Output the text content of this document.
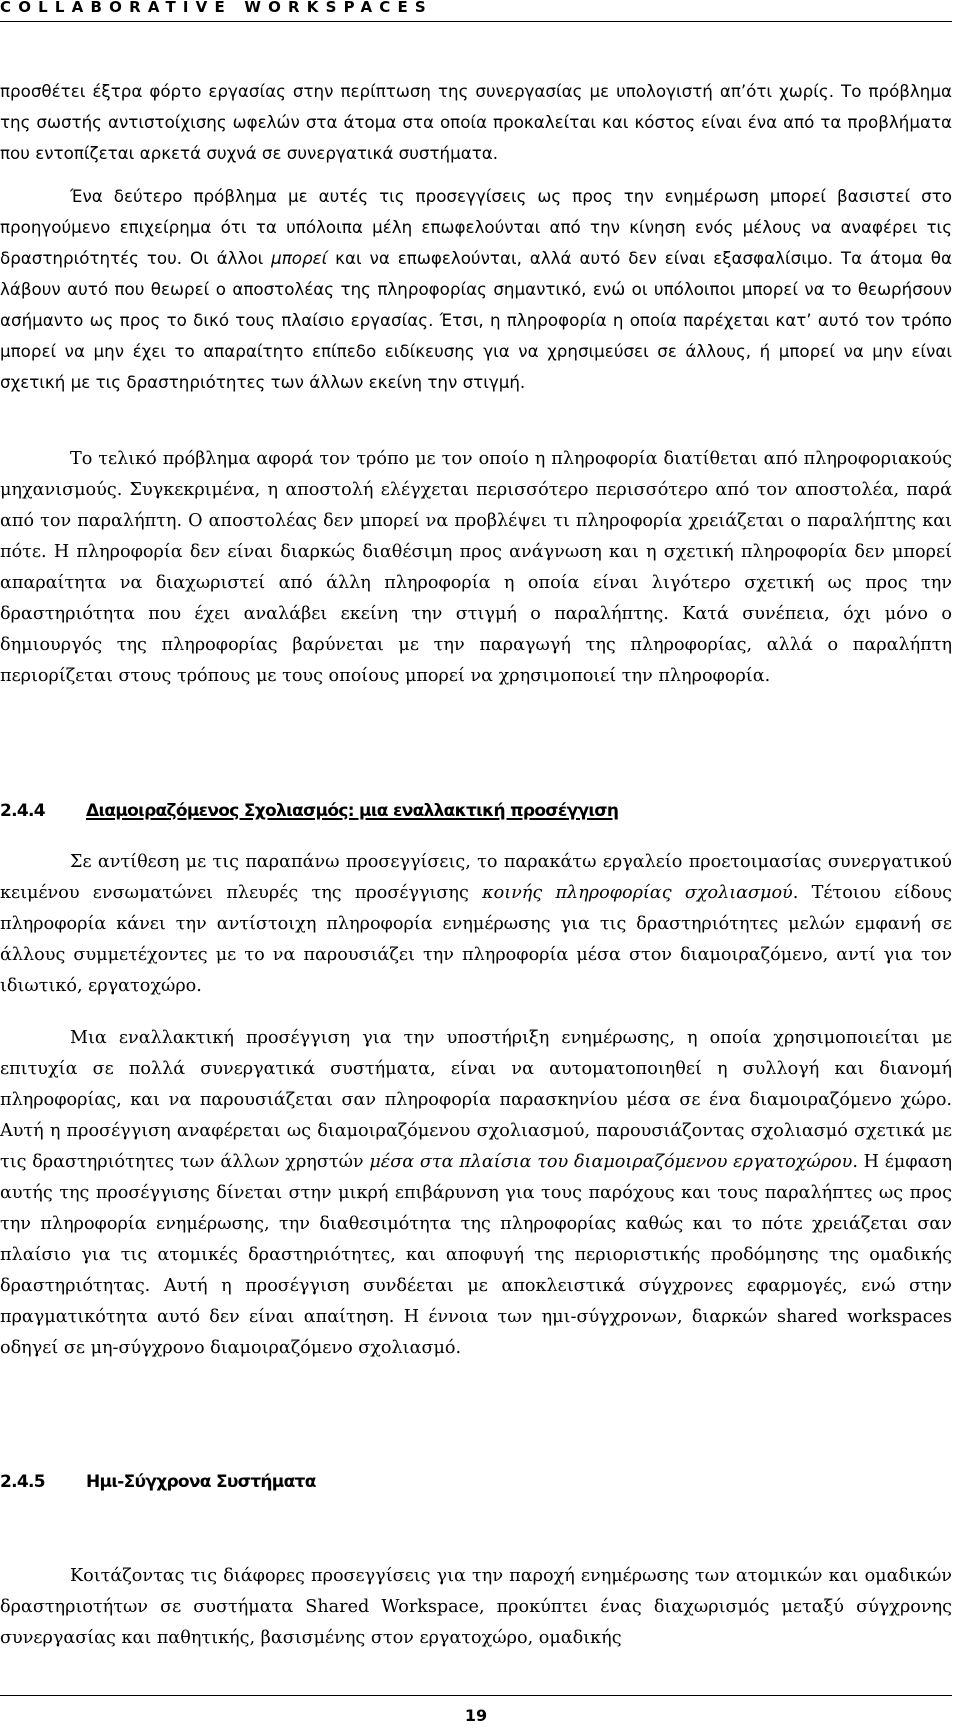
COLLABORATIVE WORKSPACES

προσθέτει έξτρα φόρτο εργασίας στην περίπτωση της συνεργασίας με υπολογιστή απ’ότι χωρίς. Το πρόβλημα της σωστής αντιστοίχισης ωφελών στα άτομα στα οποία προκαλείται και κόστος είναι ένα από τα προβλήματα που εντοπίζεται αρκετά συχνά σε συνεργατικά συστήματα.

Ένα δεύτερο πρόβλημα με αυτές τις προσεγγίσεις ως προς την ενημέρωση μπορεί βασιστεί στο προηγούμενο επιχείρημα ότι τα υπόλοιπα μέλη επωφελούνται από την κίνηση ενός μέλους να αναφέρει τις δραστηριότητές του. Οι άλλοι μπορεί και να επωφελούνται, αλλά αυτό δεν είναι εξασφαλίσιμο. Τα άτομα θα λάβουν αυτό που θεωρεί ο αποστολέας της πληροφορίας σημαντικό, ενώ οι υπόλοιποι μπορεί να το θεωρήσουν ασήμαντο ως προς το δικό τους πλαίσιο εργασίας. Έτσι, η πληροφορία η οποία παρέχεται κατ’ αυτό τον τρόπο μπορεί να μην έχει το απαραίτητο επίπεδο ειδίκευσης για να χρησιμεύσει σε άλλους, ή μπορεί να μην είναι σχετική με τις δραστηριότητες των άλλων εκείνη την στιγμή.

Το τελικό πρόβλημα αφορά τον τρόπο με τον οποίο η πληροφορία διατίθεται από πληροφοριακούς μηχανισμούς. Συγκεκριμένα, η αποστολή ελέγχεται περισσότερο περισσότερο από τον αποστολέα, παρά από τον παραλήπτη. Ο αποστολέας δεν μπορεί να προβλέψει τι πληροφορία χρειάζεται ο παραλήπτης και πότε. Η πληροφορία δεν είναι διαρκώς διαθέσιμη προς ανάγνωση και η σχετική πληροφορία δεν μπορεί απαραίτητα να διαχωριστεί από άλλη πληροφορία η οποία είναι λιγότερο σχετική ως προς την δραστηριότητα που έχει αναλάβει εκείνη την στιγμή ο παραλήπτης. Κατά συνέπεια, όχι μόνο ο δημιουργός της πληροφορίας βαρύνεται με την παραγωγή της πληροφορίας, αλλά ο παραλήπτη περιορίζεται στους τρόπους με τους οποίους μπορεί να χρησιμοποιεί την πληροφορία.

2.4.4 Διαμοιραζόμενος Σχολιασμός: μια εναλλακτική προσέγγιση

Σε αντίθεση με τις παραπάνω προσεγγίσεις, το παρακάτω εργαλείο προετοιμασίας συνεργατικού κειμένου ενσωματώνει πλευρές της προσέγγισης κοινής πληροφορίας σχολιασμού. Τέτοιου είδους πληροφορία κάνει την αντίστοιχη πληροφορία ενημέρωσης για τις δραστηριότητες μελών εμφανή σε άλλους συμμετέχοντες με το να παρουσιάζει την πληροφορία μέσα στον διαμοιραζόμενο, αντί για τον ιδιωτικό, εργατοχώρο.

Μια εναλλακτική προσέγγιση για την υποστήριξη ενημέρωσης, η οποία χρησιμοποιείται με επιτυχία σε πολλά συνεργατικά συστήματα, είναι να αυτοματοποιηθεί η συλλογή και διανομή πληροφορίας, και να παρουσιάζεται σαν πληροφορία παρασκηνίου μέσα σε ένα διαμοιραζόμενο χώρο. Αυτή η προσέγγιση αναφέρεται ως διαμοιραζόμενου σχολιασμού, παρουσιάζοντας σχολιασμό σχετικά με τις δραστηριότητες των άλλων χρηστών μέσα στα πλαίσια του διαμοιραζόμενου εργατοχώρου. Η έμφαση αυτής της προσέγγισης δίνεται στην μικρή επιβάρυνση για τους παρόχους και τους παραλήπτες ως προς την πληροφορία ενημέρωσης, την διαθεσιμότητα της πληροφορίας καθώς και το πότε χρειάζεται σαν πλαίσιο για τις ατομικές δραστηριότητες, και αποφυγή της περιοριστικής προδόμησης της ομαδικής δραστηριότητας. Αυτή η προσέγγιση συνδέεται με αποκλειστικά σύγχρονες εφαρμογές, ενώ στην πραγματικότητα αυτό δεν είναι απαίτηση. Η έννοια των ημι-σύγχρονων, διαρκών shared workspaces οδηγεί σε μη-σύγχρονο διαμοιραζόμενο σχολιασμό.

2.4.5 Ημι-Σύγχρονα Συστήματα

Κοιτάζοντας τις διάφορες προσεγγίσεις για την παροχή ενημέρωσης των ατομικών και ομαδικών δραστηριοτήτων σε συστήματα Shared Workspace, προκύπτει ένας διαχωρισμός μεταξύ σύγχρονης συνεργασίας και παθητικής, βασισμένης στον εργατοχώρο, ομαδικής

19
